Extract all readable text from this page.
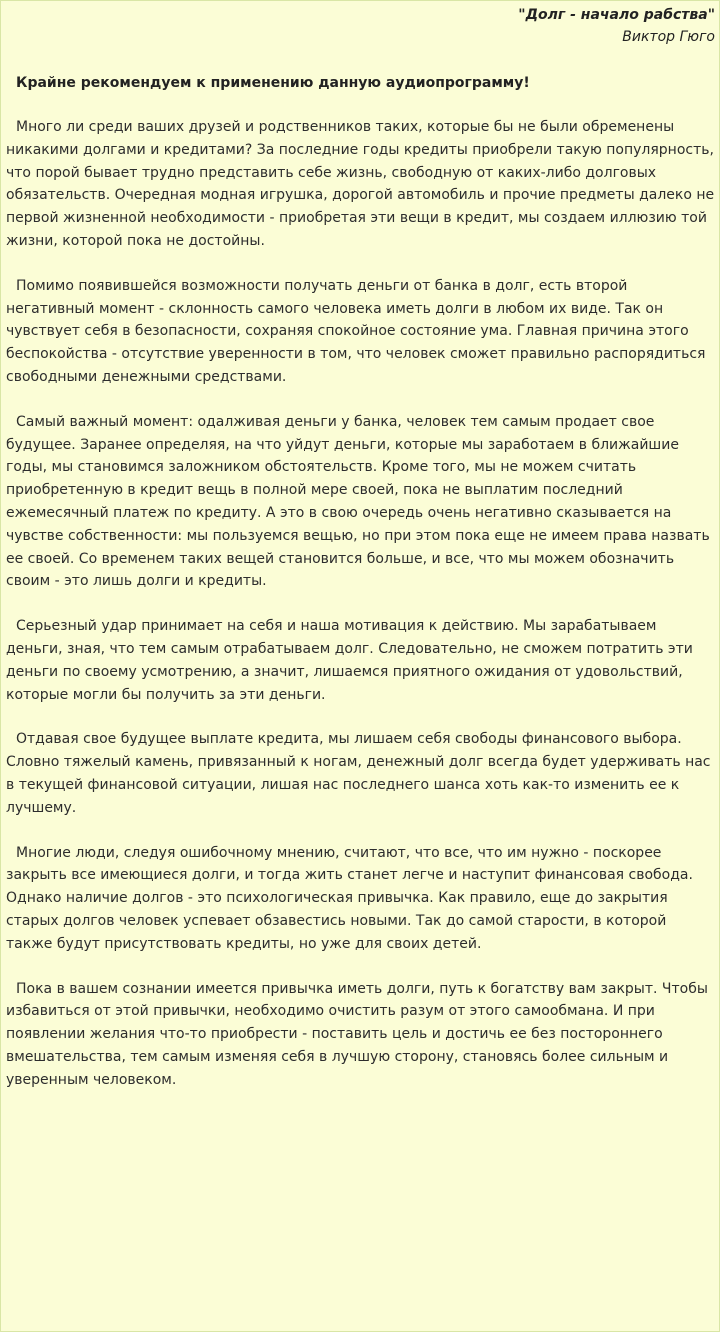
"Долг - начало рабства"
Виктор Гюго

Крайне рекомендуем к применению данную аудиопрограмму!

Много ли среди ваших друзей и родственников таких, которые бы не были обременены никакими долгами и кредитами? За последние годы кредиты приобрели такую популярность, что порой бывает трудно представить себе жизнь, свободную от каких-либо долговых обязательств. Очередная модная игрушка, дорогой автомобиль и прочие предметы далеко не первой жизненной необходимости - приобретая эти вещи в кредит, мы создаем иллюзию той жизни, которой пока не достойны.

Помимо появившейся возможности получать деньги от банка в долг, есть второй негативный момент - склонность самого человека иметь долги в любом их виде. Так он чувствует себя в безопасности, сохраняя спокойное состояние ума. Главная причина этого беспокойства - отсутствие уверенности в том, что человек сможет правильно распорядиться свободными денежными средствами.

Самый важный момент: одалживая деньги у банка, человек тем самым продает свое будущее. Заранее определяя, на что уйдут деньги, которые мы заработаем в ближайшие годы, мы становимся заложником обстоятельств. Кроме того, мы не можем считать приобретенную в кредит вещь в полной мере своей, пока не выплатим последний ежемесячный платеж по кредиту. А это в свою очередь очень негативно сказывается на чувстве собственности: мы пользуемся вещью, но при этом пока еще не имеем права назвать ее своей. Со временем таких вещей становится больше, и все, что мы можем обозначить своим - это лишь долги и кредиты.

Серьезный удар принимает на себя и наша мотивация к действию. Мы зарабатываем деньги, зная, что тем самым отрабатываем долг. Следовательно, не сможем потратить эти деньги по своему усмотрению, а значит, лишаемся приятного ожидания от удовольствий, которые могли бы получить за эти деньги.

Отдавая свое будущее выплате кредита, мы лишаем себя свободы финансового выбора. Словно тяжелый камень, привязанный к ногам, денежный долг всегда будет удерживать нас в текущей финансовой ситуации, лишая нас последнего шанса хоть как-то изменить ее к лучшему.

Многие люди, следуя ошибочному мнению, считают, что все, что им нужно - поскорее закрыть все имеющиеся долги, и тогда жить станет легче и наступит финансовая свобода. Однако наличие долгов - это психологическая привычка. Как правило, еще до закрытия старых долгов человек успевает обзавестись новыми. Так до самой старости, в которой также будут присутствовать кредиты, но уже для своих детей.

Пока в вашем сознании имеется привычка иметь долги, путь к богатству вам закрыт. Чтобы избавиться от этой привычки, необходимо очистить разум от этого самообмана. И при появлении желания что-то приобрести - поставить цель и достичь ее без постороннего вмешательства, тем самым изменяя себя в лучшую сторону, становясь более сильным и уверенным человеком.
